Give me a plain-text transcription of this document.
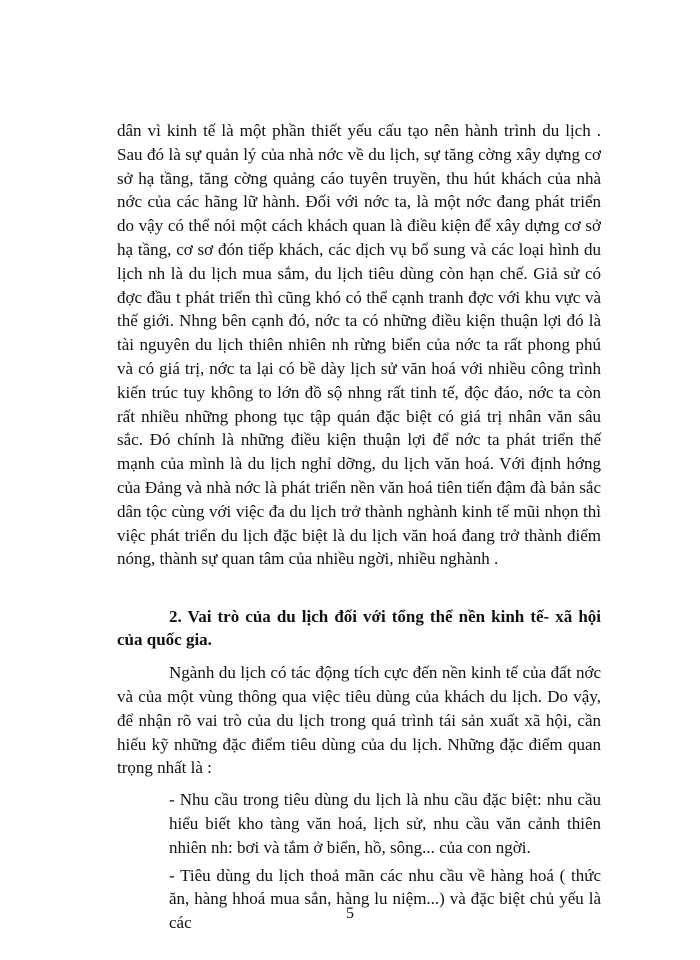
dân vì kinh tế là một phần thiết yếu cấu tạo nên hành trình du lịch . Sau đó là sự quản lý của nhà nớc về du lịch, sự tăng cờng xây dựng cơ sở hạ tầng, tăng cờng quảng cáo tuyên truyền, thu hút khách của nhà nớc của các hãng lữ hành. Đối với nớc ta, là một nớc đang phát triển do vậy có thể nói một cách khách quan là điều kiện để xây dựng cơ sở hạ tầng, cơ sơ đón tiếp khách, các dịch vụ bổ sung và các loại hình du lịch nh là du lịch mua sắm, du lịch tiêu dùng còn hạn chế. Giả sử có đợc đầu t phát triển thì cũng khó có thể cạnh tranh đợc với khu vực và thế giới. Nhng bên cạnh đó, nớc ta có những điều kiện thuận lợi đó là tài nguyên du lịch thiên nhiên nh rừng biển của nớc ta rất phong phú và có giá trị, nớc ta lại có bề dày lịch sử văn hoá với nhiều công trình kiến trúc tuy không to lớn đồ sộ nhng rất tinh tế, độc đáo, nớc ta còn rất nhiều những phong tục tập quán đặc biệt có giá trị nhân văn sâu sắc. Đó chính là những điều kiện thuận lợi để nớc ta phát triển thế mạnh của mình là du lịch nghỉ dỡng, du lịch văn hoá. Với định hớng của Đảng và nhà nớc là phát triển nền văn hoá tiên tiến đậm đà bản sắc dân tộc cùng với việc đa du lịch trở thành nghành kinh tế mũi nhọn thì việc phát triển du lịch đặc biệt là du lịch văn hoá đang trở thành điểm nóng, thành sự quan tâm của nhiều ngời, nhiều nghành .

2. Vai trò của du lịch đối với tổng thể nền kinh tế- xã hội của quốc gia.

Ngành du lịch có tác động tích cực đến nền kinh tế của đất nớc và của một vùng thông qua việc tiêu dùng của khách du lịch. Do vậy, để nhận rõ vai trò của du lịch trong quá trình tái sản xuất xã hội, cần hiểu kỹ những đặc điểm tiêu dùng của du lịch. Những đặc điểm quan trọng nhất là :

- Nhu cầu trong tiêu dùng du lịch là nhu cầu đặc biệt: nhu cầu hiểu biết kho tàng văn hoá, lịch sử, nhu cầu văn cảnh thiên nhiên nh: bơi và tắm ở biển, hồ, sông... của con ngời.

- Tiêu dùng du lịch thoả mãn các nhu cầu về hàng hoá ( thức ăn, hàng hhoá mua sắn, hàng lu niệm...) và đặc biệt chủ yếu là các	5
